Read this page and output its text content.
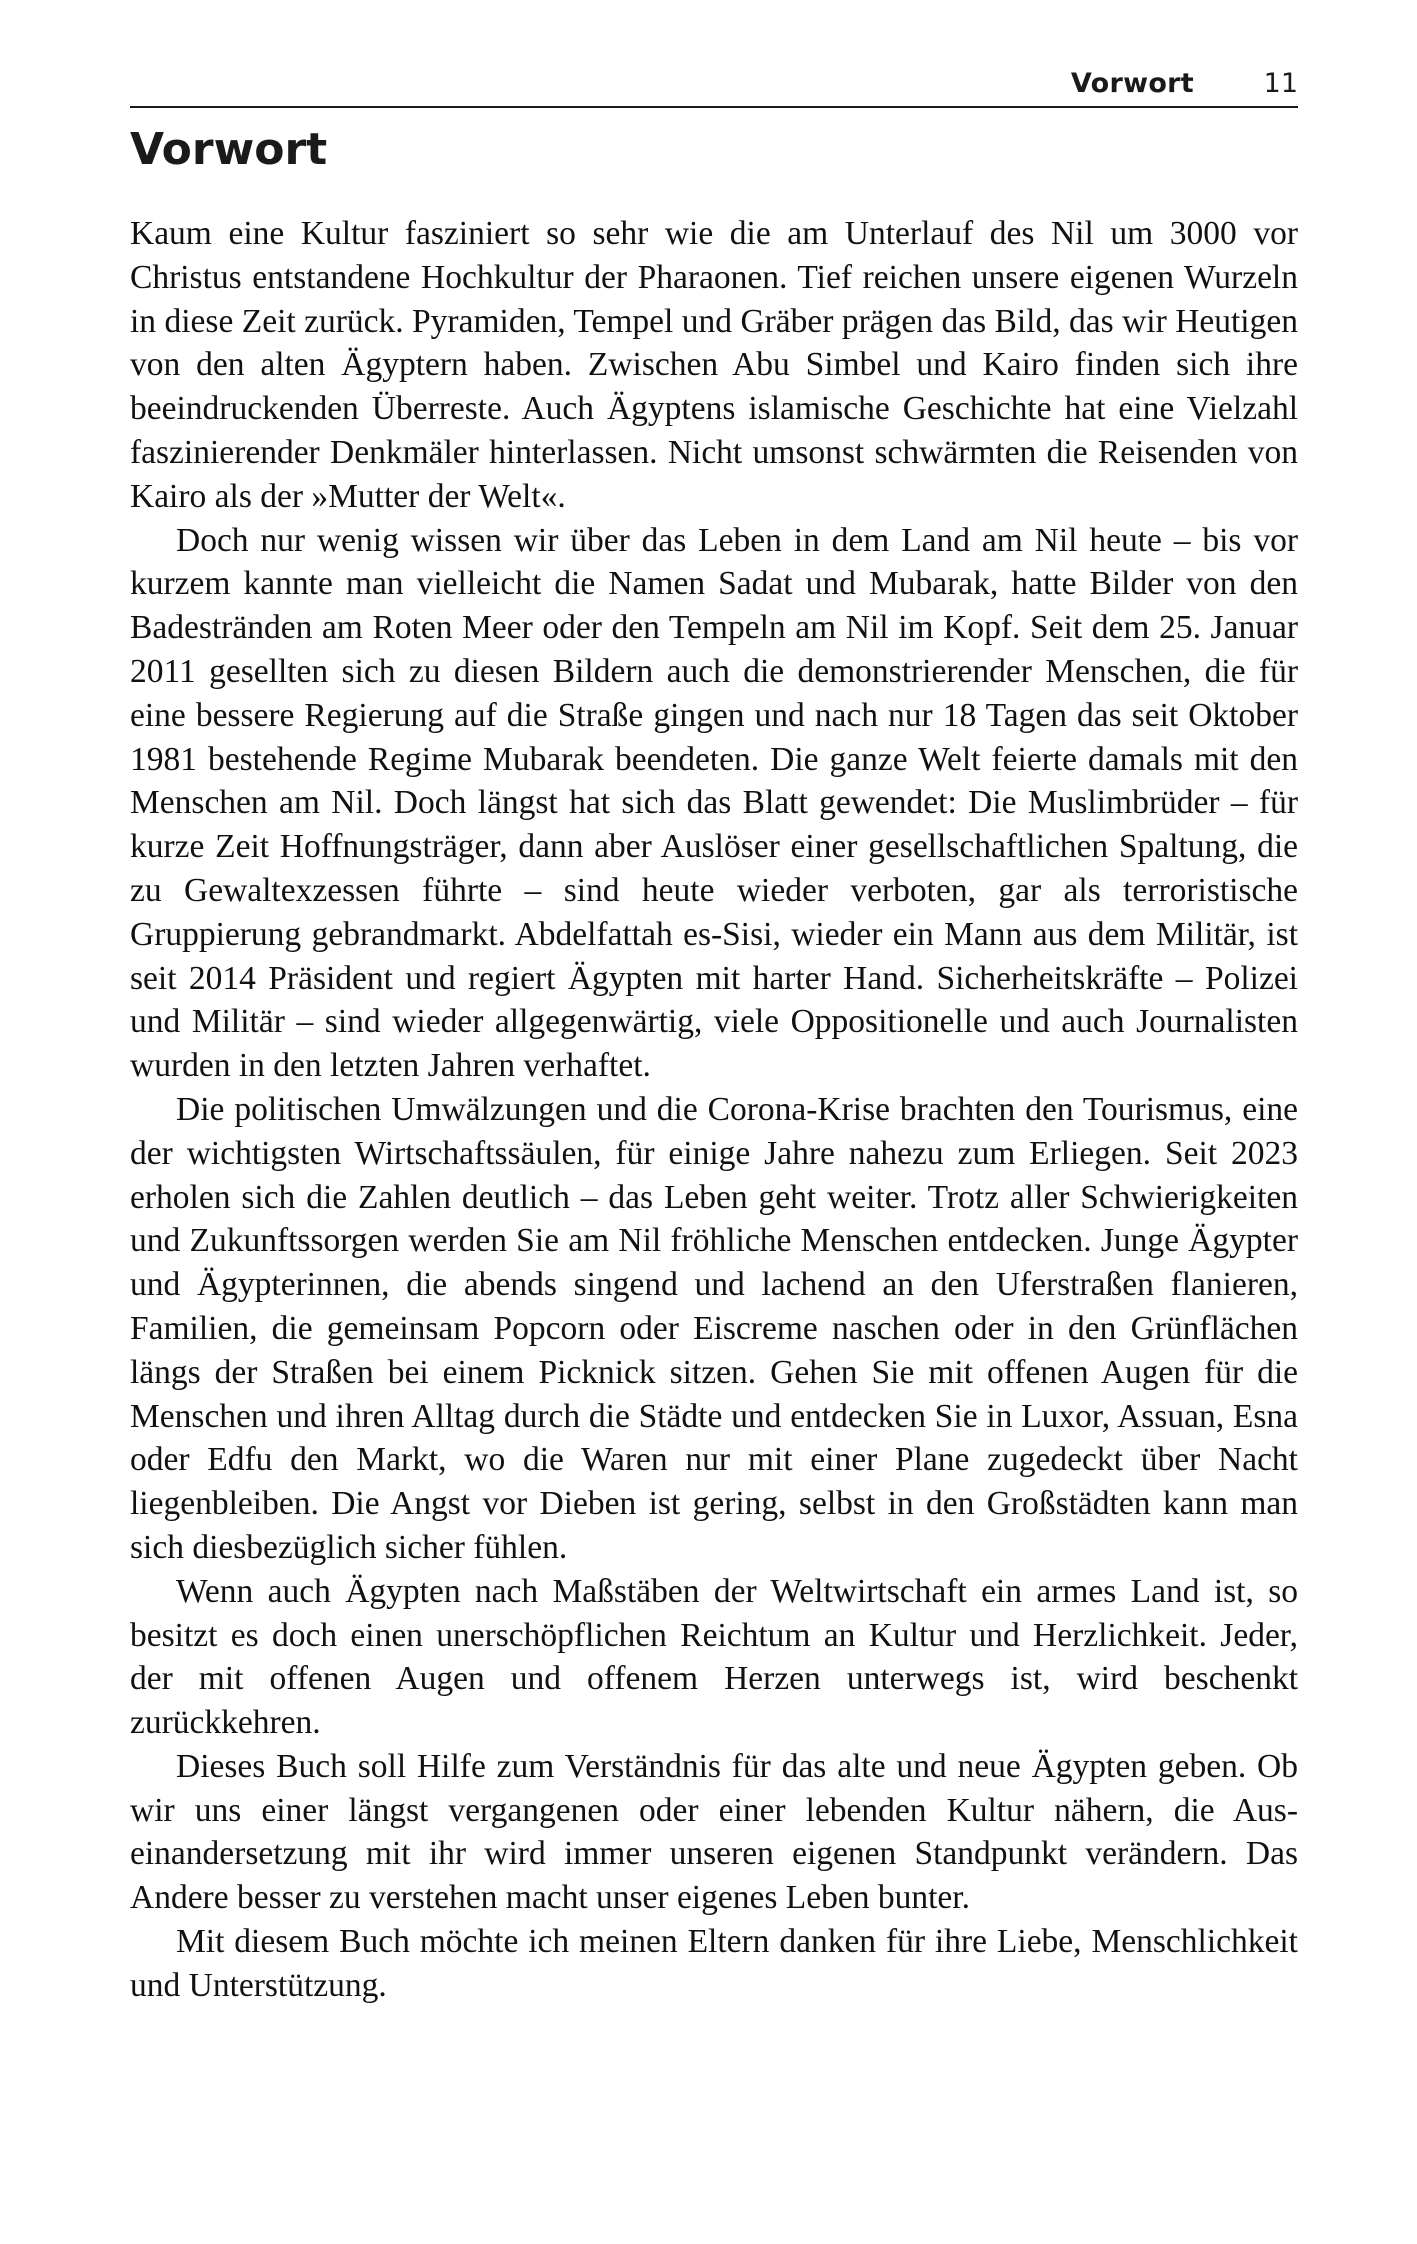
Vorwort	11
Vorwort

Kaum eine Kultur fasziniert so sehr wie die am Unterlauf des Nil um 3000 vor Christus entstandene Hochkultur der Pharaonen. Tief reichen unsere eigenen Wurzeln in diese Zeit zurück. Pyramiden, Tempel und Gräber prägen das Bild, das wir Heutigen von den alten Ägyptern haben. Zwischen Abu Simbel und Kairo finden sich ihre beeindruckenden Überreste. Auch Ägyptens islamische Geschichte hat eine Vielzahl faszinierender Denkmäler hinterlassen. Nicht umsonst schwärmten die Reisenden von Kairo als der »Mutter der Welt«.

Doch nur wenig wissen wir über das Leben in dem Land am Nil heute – bis vor kurzem kannte man vielleicht die Namen Sadat und Mubarak, hatte Bilder von den Badestränden am Roten Meer oder den Tempeln am Nil im Kopf. Seit dem 25. Januar 2011 gesellten sich zu diesen Bildern auch die demonstrierender Menschen, die für eine bessere Regierung auf die Straße gingen und nach nur 18 Tagen das seit Oktober 1981 bestehende Regime Mubarak beendeten. Die ganze Welt feierte damals mit den Menschen am Nil. Doch längst hat sich das Blatt gewendet: Die Muslimbrüder – für kurze Zeit Hoffnungsträger, dann aber Auslöser einer gesellschaftlichen Spaltung, die zu Gewaltexzessen führte – sind heute wieder verboten, gar als terroristische Gruppierung gebrandmarkt. Abdelfattah es-Sisi, wieder ein Mann aus dem Militär, ist seit 2014 Präsident und regiert Ägypten mit harter Hand. Sicherheitskräfte – Polizei und Militär – sind wieder allgegenwärtig, viele Oppositionelle und auch Journalisten wurden in den letzten Jahren verhaftet.

Die politischen Umwälzungen und die Corona-Krise brachten den Tourismus, eine der wichtigsten Wirtschaftssäulen, für einige Jahre nahezu zum Erliegen. Seit 2023 erholen sich die Zahlen deutlich – das Leben geht weiter. Trotz aller Schwierigkeiten und Zukunftssorgen werden Sie am Nil fröhliche Menschen entdecken. Junge Ägypter und Ägypterinnen, die abends singend und lachend an den Uferstraßen flanieren, Familien, die gemeinsam Popcorn oder Eiscreme naschen oder in den Grünflächen längs der Straßen bei einem Picknick sitzen. Gehen Sie mit offenen Augen für die Menschen und ihren Alltag durch die Städte und entdecken Sie in Luxor, Assuan, Esna oder Edfu den Markt, wo die Waren nur mit einer Plane zugedeckt über Nacht liegenbleiben. Die Angst vor Dieben ist gering, selbst in den Großstädten kann man sich diesbezüglich sicher fühlen.

Wenn auch Ägypten nach Maßstäben der Weltwirtschaft ein armes Land ist, so besitzt es doch einen unerschöpflichen Reichtum an Kultur und Herzlichkeit. Jeder, der mit offenen Augen und offenem Herzen unterwegs ist, wird beschenkt zurückkehren.

Dieses Buch soll Hilfe zum Verständnis für das alte und neue Ägypten geben. Ob wir uns einer längst vergangenen oder einer lebenden Kultur nähern, die Auseinandersetzung mit ihr wird immer unseren eigenen Standpunkt verändern. Das Andere besser zu verstehen macht unser eigenes Leben bunter.

Mit diesem Buch möchte ich meinen Eltern danken für ihre Liebe, Menschlichkeit und Unterstützung.
